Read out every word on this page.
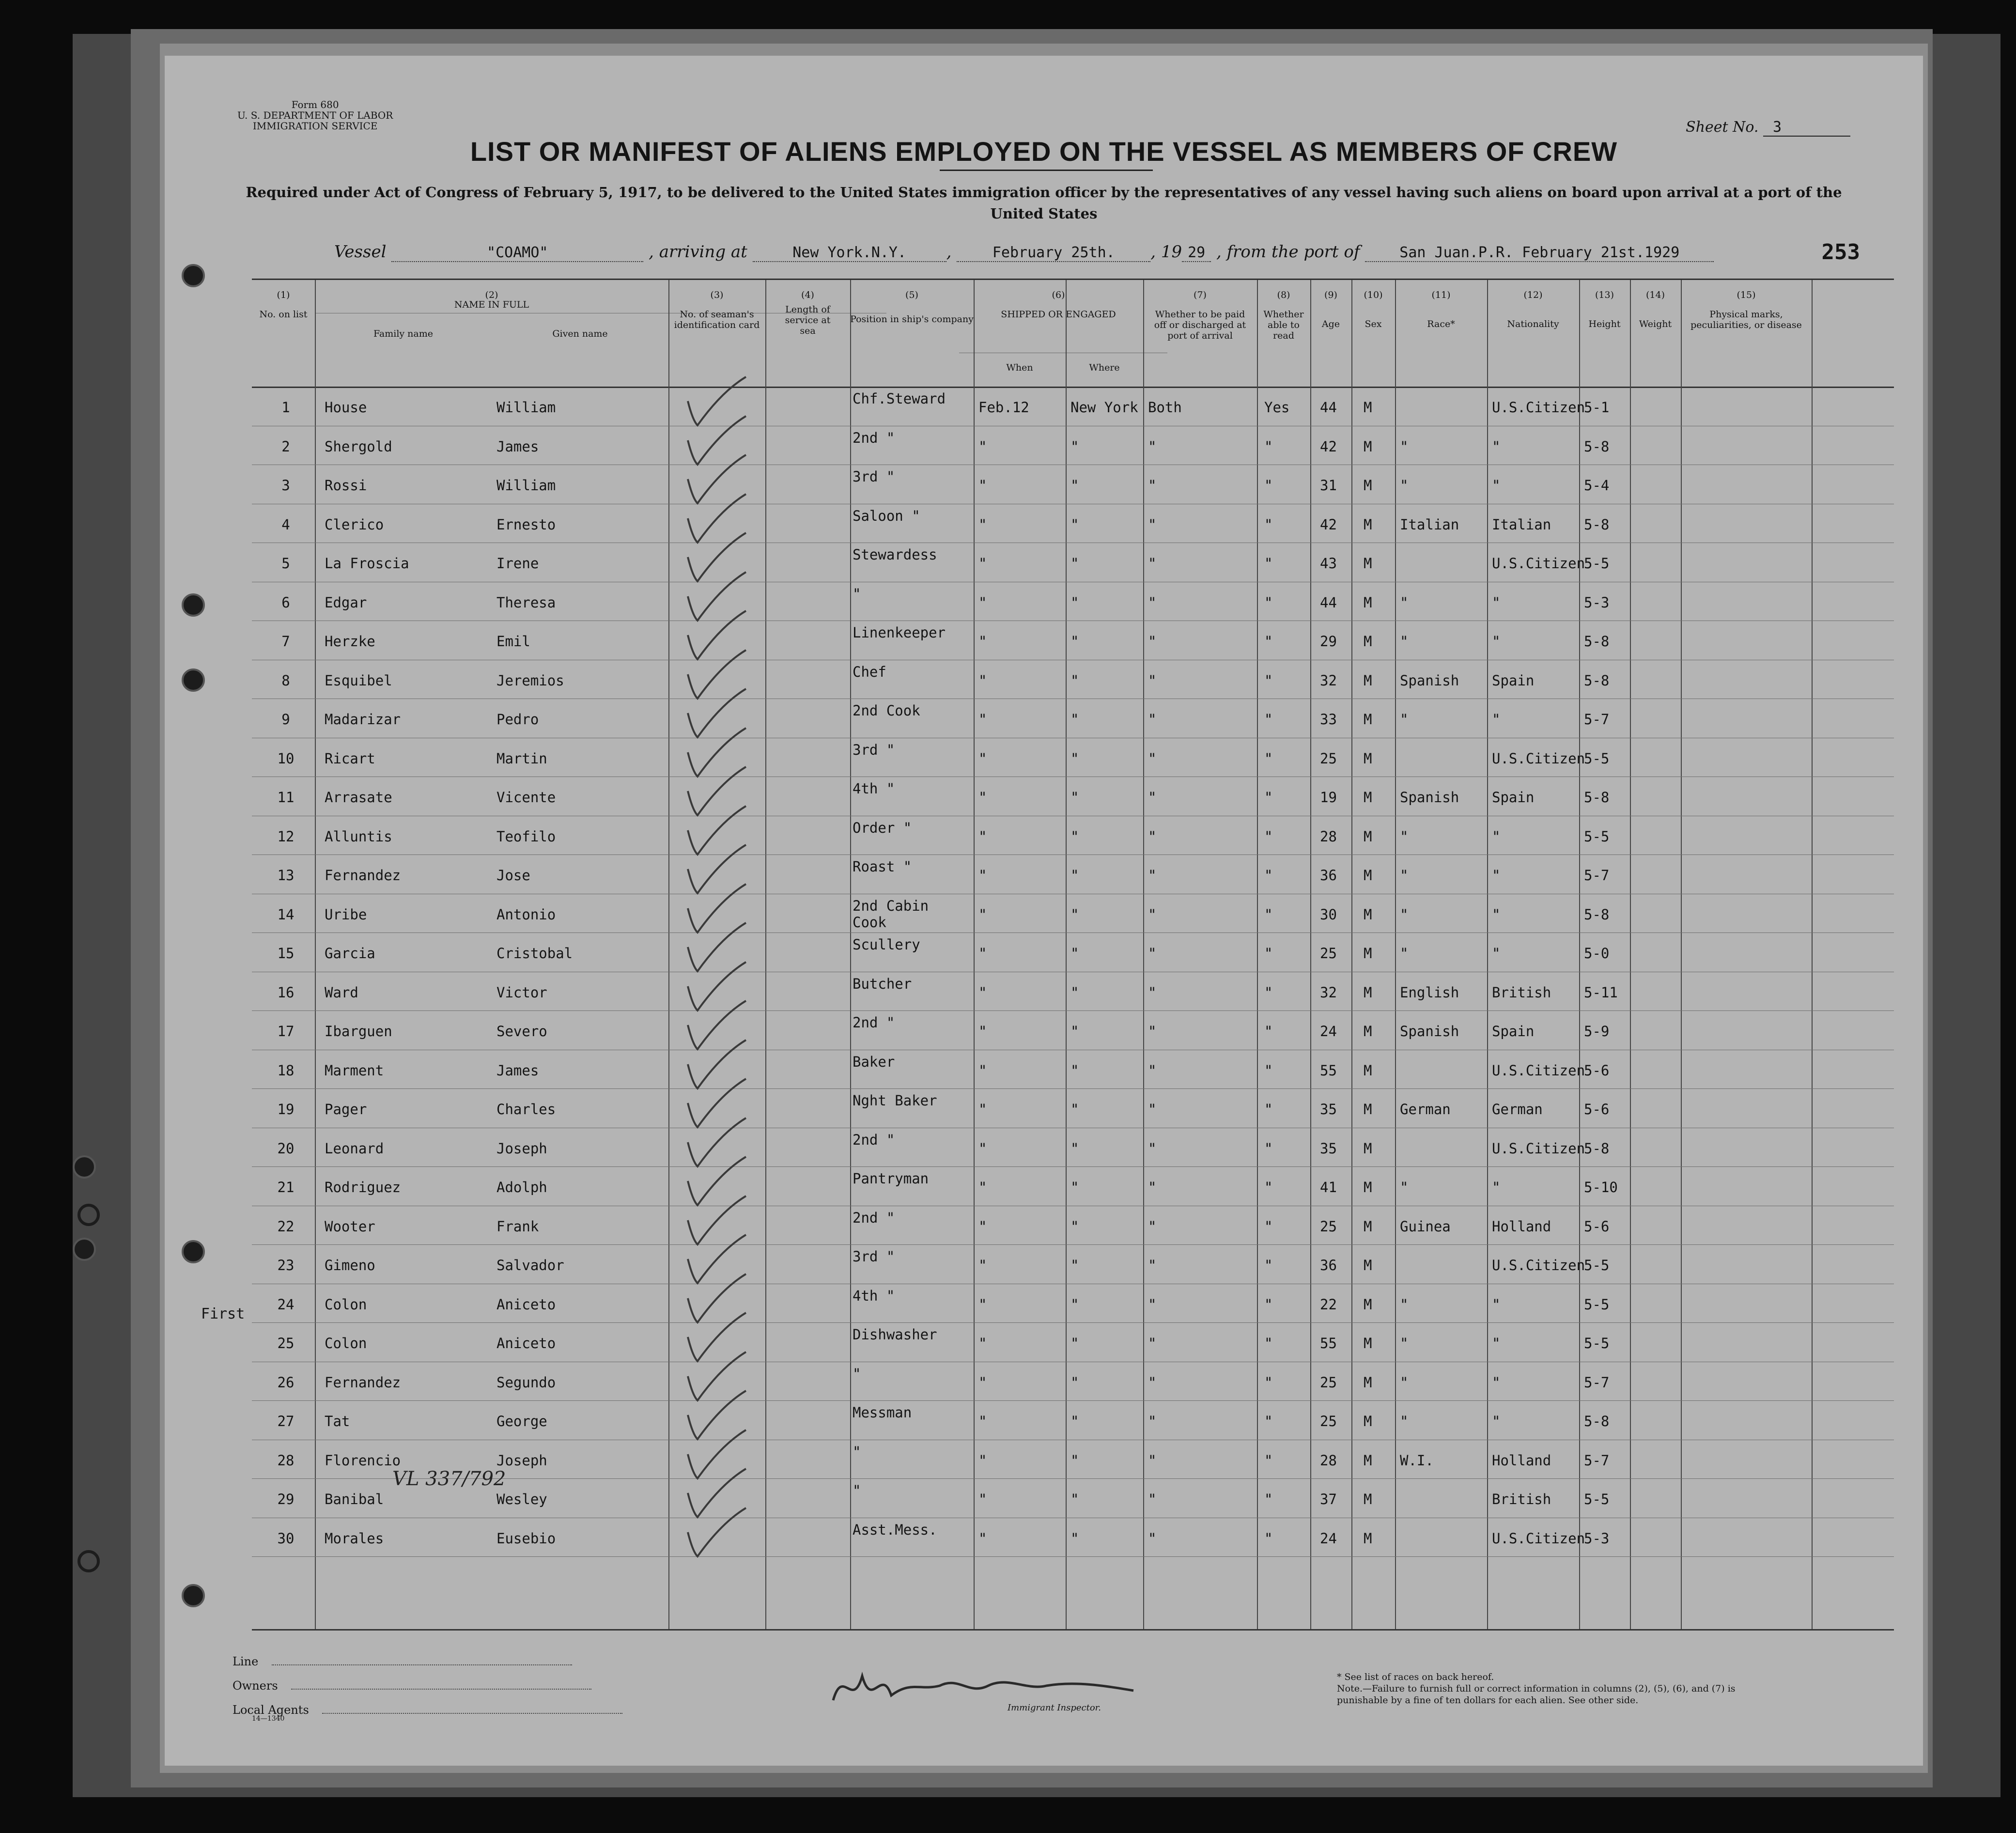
Form 680
U. S. DEPARTMENT OF LABOR
IMMIGRATION SERVICE	Sheet No. 3
LIST OR MANIFEST OF ALIENS EMPLOYED ON THE VESSEL AS MEMBERS OF CREW
Required under Act of Congress of February 5, 1917, to be delivered to the United States immigration officer by the representatives of any vessel having such aliens on board upon arrival at a port of the United States
Vessel	"COAMO"	, arriving at	New York.N.Y. , February 25th. , 19 29 , from the port of	San Juan.P.R. February 21st.1929	253
(1)	(2)	(3)	(4)	(5)	(6)	(7)	(8)	(9)	(10)	(11)	(12)	(13)	(14)	(15)
No. on list
NAME IN FULL
Family name	Given name
No. of seaman's identification card
Length of service at sea
Position in ship's company	SHIPPED OR ENGAGED
When	Where
Whether to be paid off or discharged at port of arrival
Whether able to read
Age	Sex	Race*	Nationality	Height	Weight
Physical marks, peculiarities, or disease
1	House	William
Chf.Steward
Feb.12	New York Both	Yes 44 M	U.S.Citizen
5-1
2	Shergold	James
2nd "
"	"	"	"	42 M "	"	5-8
3	Rossi	William
3rd "
"	"	"	"	31 M "	"	5-4
4	Clerico	Ernesto
Saloon "
"	"	"	"	42 M Italian Italian 5-8
5	La Froscia	Irene
Stewardess
"	"	"	"	43 M	U.S.Citizen
5-5
6	Edgar	Theresa
"
"	"	"	"	44 M "	"	5-3
7	Herzke	Emil
Linenkeeper
"	"	"	"	29 M "	"	5-8
8	Esquibel	Jeremios
Chef
"	"	"	"	32 M Spanish Spain	5-8
9	Madarizar	Pedro
2nd Cook
"	"	"	"	33 M "	"	5-7
10	Ricart	Martin
3rd "
"	"	"	"	25 M	U.S.Citizen
5-5
11	Arrasate	Vicente
4th "
"	"	"	"	19 M Spanish Spain	5-8
12	Alluntis	Teofilo
Order "
"	"	"	"	28 M "	"	5-5
13	Fernandez	Jose
Roast "
"	"	"	"	36 M "	"	5-7
14	Uribe	Antonio
2nd Cabin Cook	"	"	"	"	30 M "	"	5-8
15	Garcia	Cristobal
Scullery
"	"	"	"	25 M "	"	5-0
16	Ward	Victor
Butcher
"	"	"	"	32 M English British 5-11
17	Ibarguen	Severo
2nd "
"	"	"	"	24 M Spanish Spain	5-9
18	Marment	James
Baker
"	"	"	"	55 M	U.S.Citizen
5-6
19	Pager	Charles
Nght Baker
"	"	"	"	35 M German	German	5-6
20	Leonard	Joseph
2nd "
"	"	"	"	35 M	U.S.Citizen
5-8
21	Rodriguez	Adolph
Pantryman
"	"	"	"	41 M "	"	5-10
22	Wooter	Frank
2nd "
"	"	"	"	25 M Guinea	Holland 5-6
23	Gimeno	Salvador
3rd "
"	"	"	"	36 M	U.S.Citizen
5-5
24	Colon	Aniceto
4th "
"	"	"	"	22 M "	"	5-5
25	Colon	Aniceto
Dishwasher
"	"	"	"	55 M "	"	5-5
26	Fernandez	Segundo
"
"	"	"	"	25 M "	"	5-7
27	Tat	George
Messman
"	"	"	"	25 M "	"	5-8
28	Florencio	Joseph
"
"	"	"	"	28 M W.I.	Holland 5-7
29	Banibal	Wesley
"
"	"	"	"	37 M	British 5-5
30	Morales	Eusebio
Asst.Mess.
"	"	"	"	24 M	U.S.Citizen
5-3
First
VL 337/792
Line
Owners
Local Agents
14—1340
Immigrant Inspector.
* See list of races on back hereof.
Note.—Failure to furnish full or correct information in columns (2), (5), (6), and (7) is punishable by a fine of ten dollars for each alien. See other side.
